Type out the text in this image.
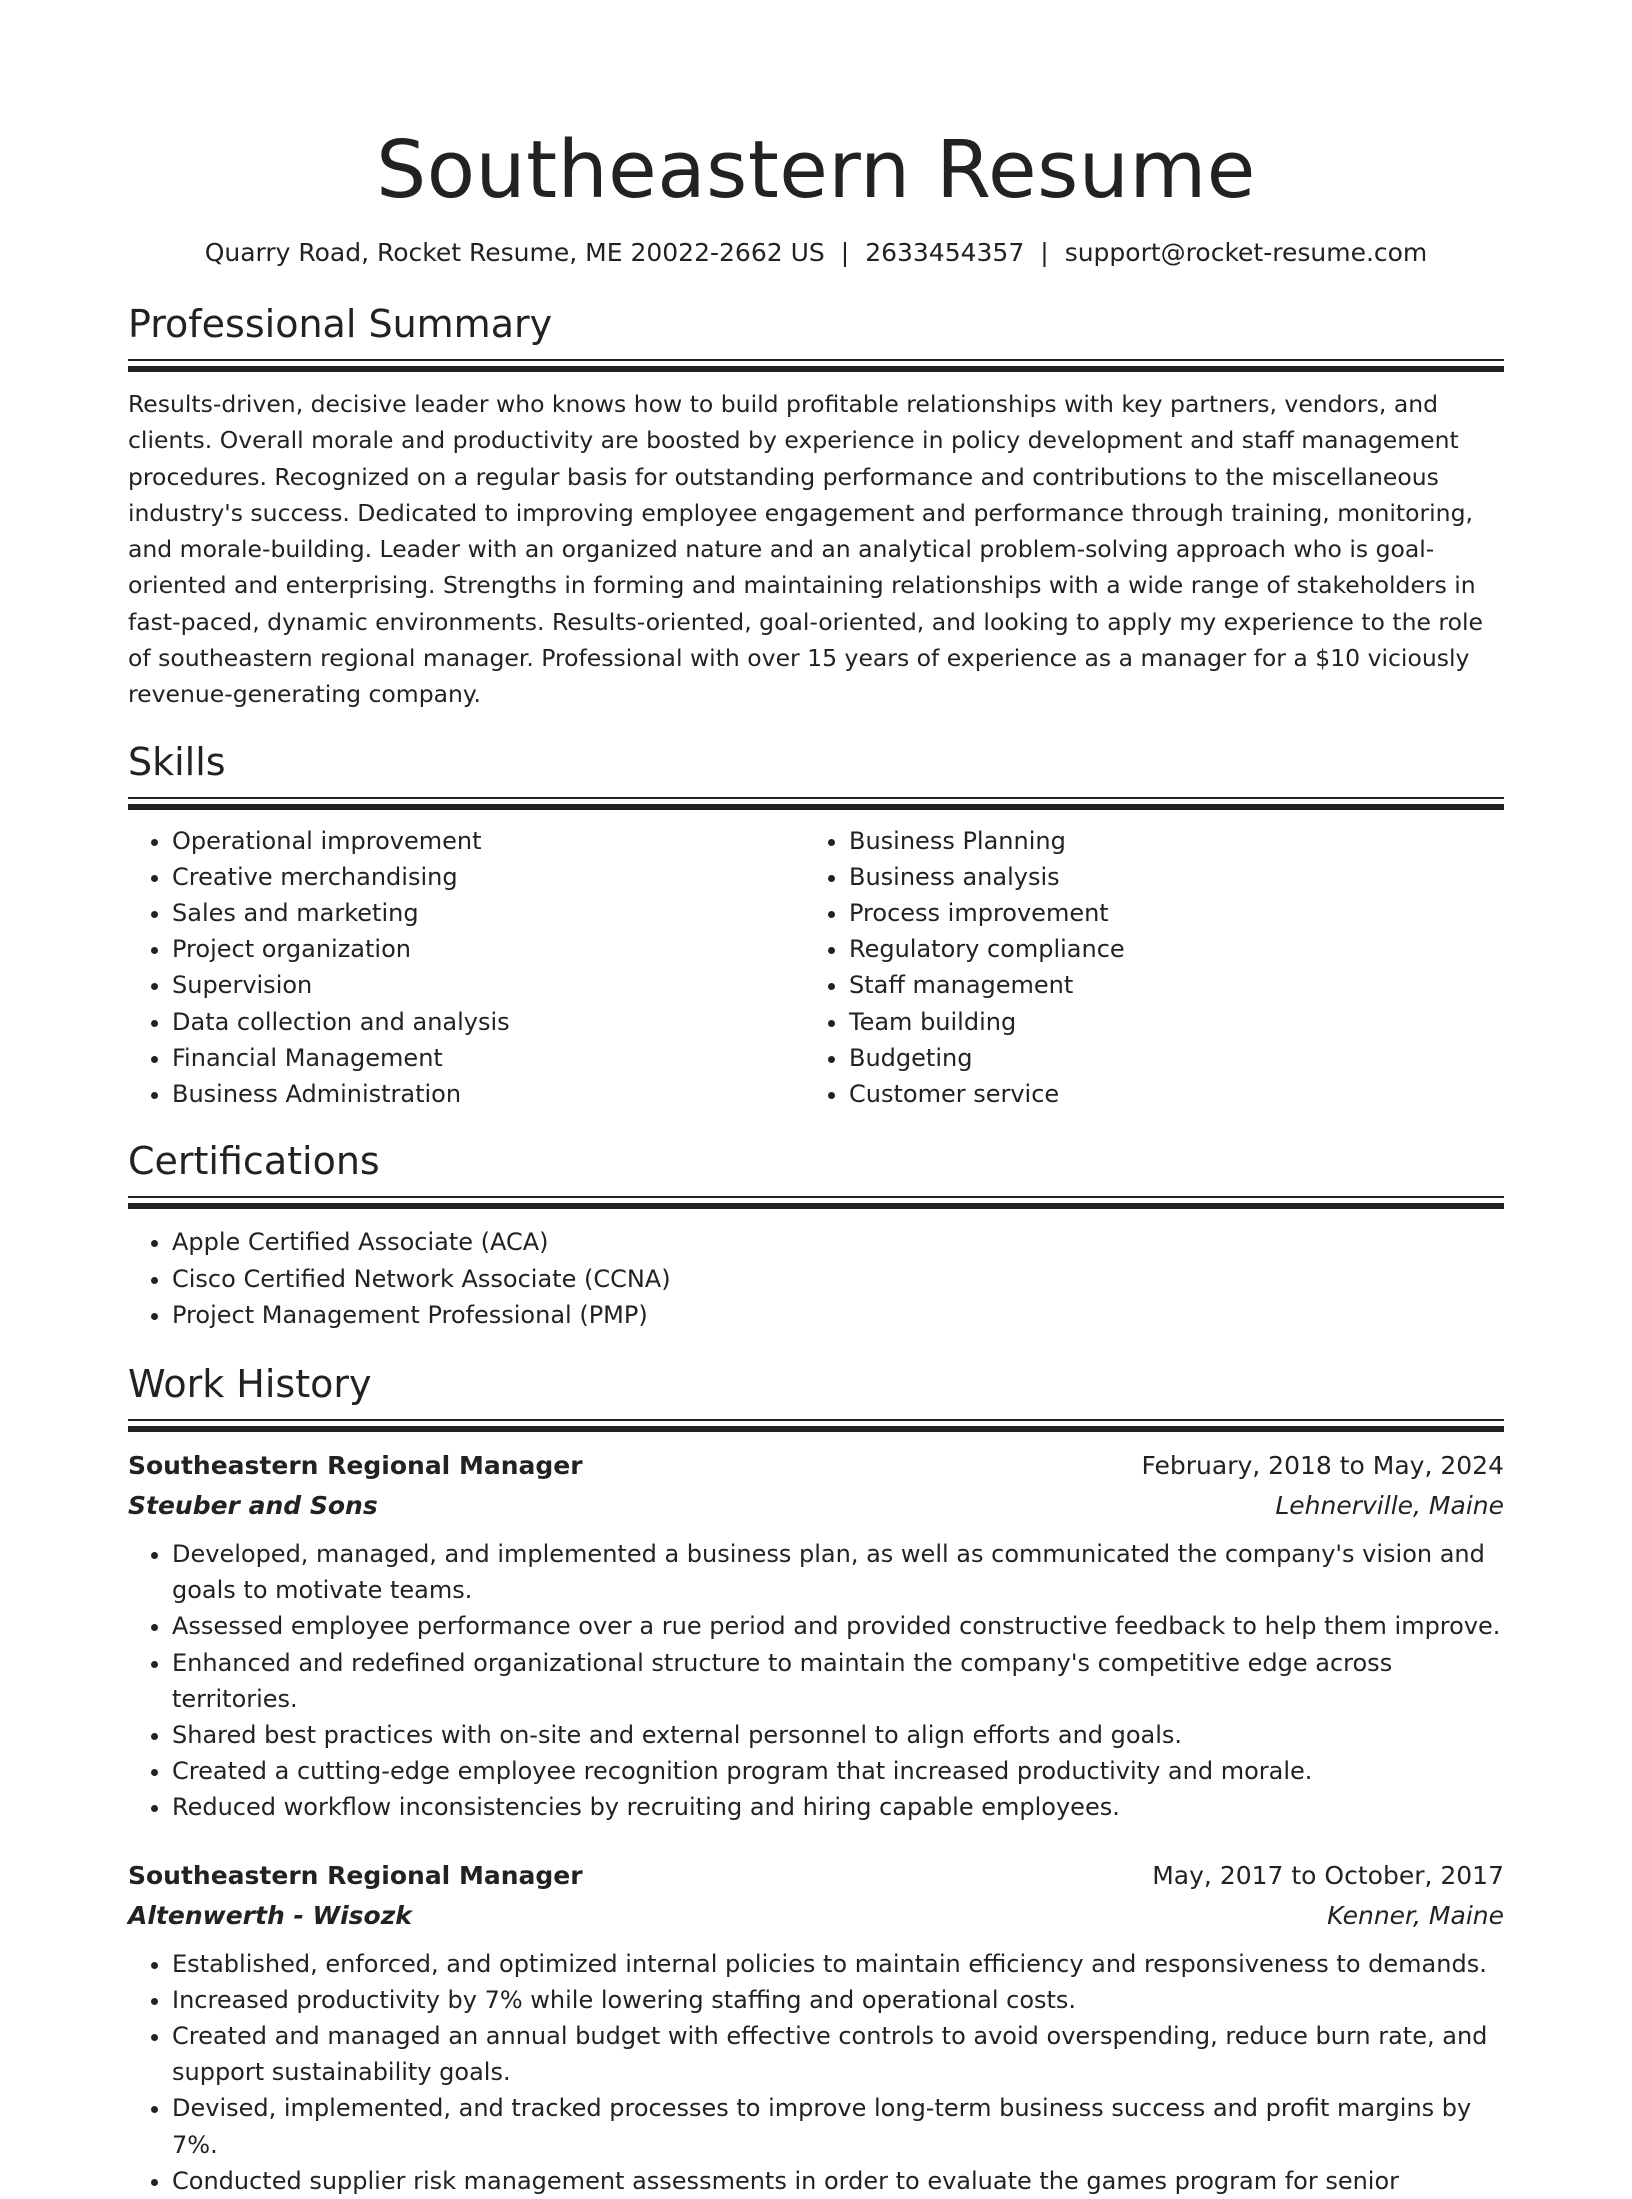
Southeastern Resume
Quarry Road, Rocket Resume, ME 20022-2662 US | 2633454357 | support@rocket-resume.com
Professional Summary
Results-driven, decisive leader who knows how to build profitable relationships with key partners, vendors, and clients. Overall morale and productivity are boosted by experience in policy development and staff management procedures. Recognized on a regular basis for outstanding performance and contributions to the miscellaneous industry's success. Dedicated to improving employee engagement and performance through training, monitoring, and morale-building. Leader with an organized nature and an analytical problem-solving approach who is goal-oriented and enterprising. Strengths in forming and maintaining relationships with a wide range of stakeholders in fast-paced, dynamic environments. Results-oriented, goal-oriented, and looking to apply my experience to the role of southeastern regional manager. Professional with over 15 years of experience as a manager for a $10 viciously revenue-generating company.
Skills
• Operational improvement
• Creative merchandising
• Sales and marketing
• Project organization
• Supervision
• Data collection and analysis
• Financial Management
• Business Administration
• Business Planning
• Business analysis
• Process improvement
• Regulatory compliance
• Staff management
• Team building
• Budgeting
• Customer service
Certifications
• Apple Certified Associate (ACA)
• Cisco Certified Network Associate (CCNA)
• Project Management Professional (PMP)
Work History
Southeastern Regional Manager	February, 2018 to May, 2024
Steuber and Sons	Lehnerville, Maine
• Developed, managed, and implemented a business plan, as well as communicated the company's vision and goals to motivate teams.
• Assessed employee performance over a rue period and provided constructive feedback to help them improve.
• Enhanced and redefined organizational structure to maintain the company's competitive edge across territories.
• Shared best practices with on-site and external personnel to align efforts and goals.
• Created a cutting-edge employee recognition program that increased productivity and morale.
• Reduced workflow inconsistencies by recruiting and hiring capable employees.
Southeastern Regional Manager	May, 2017 to October, 2017
Altenwerth - Wisozk	Kenner, Maine
• Established, enforced, and optimized internal policies to maintain efficiency and responsiveness to demands.
• Increased productivity by 7% while lowering staffing and operational costs.
• Created and managed an annual budget with effective controls to avoid overspending, reduce burn rate, and support sustainability goals.
• Devised, implemented, and tracked processes to improve long-term business success and profit margins by 7%.
• Conducted supplier risk management assessments in order to evaluate the games program for senior
